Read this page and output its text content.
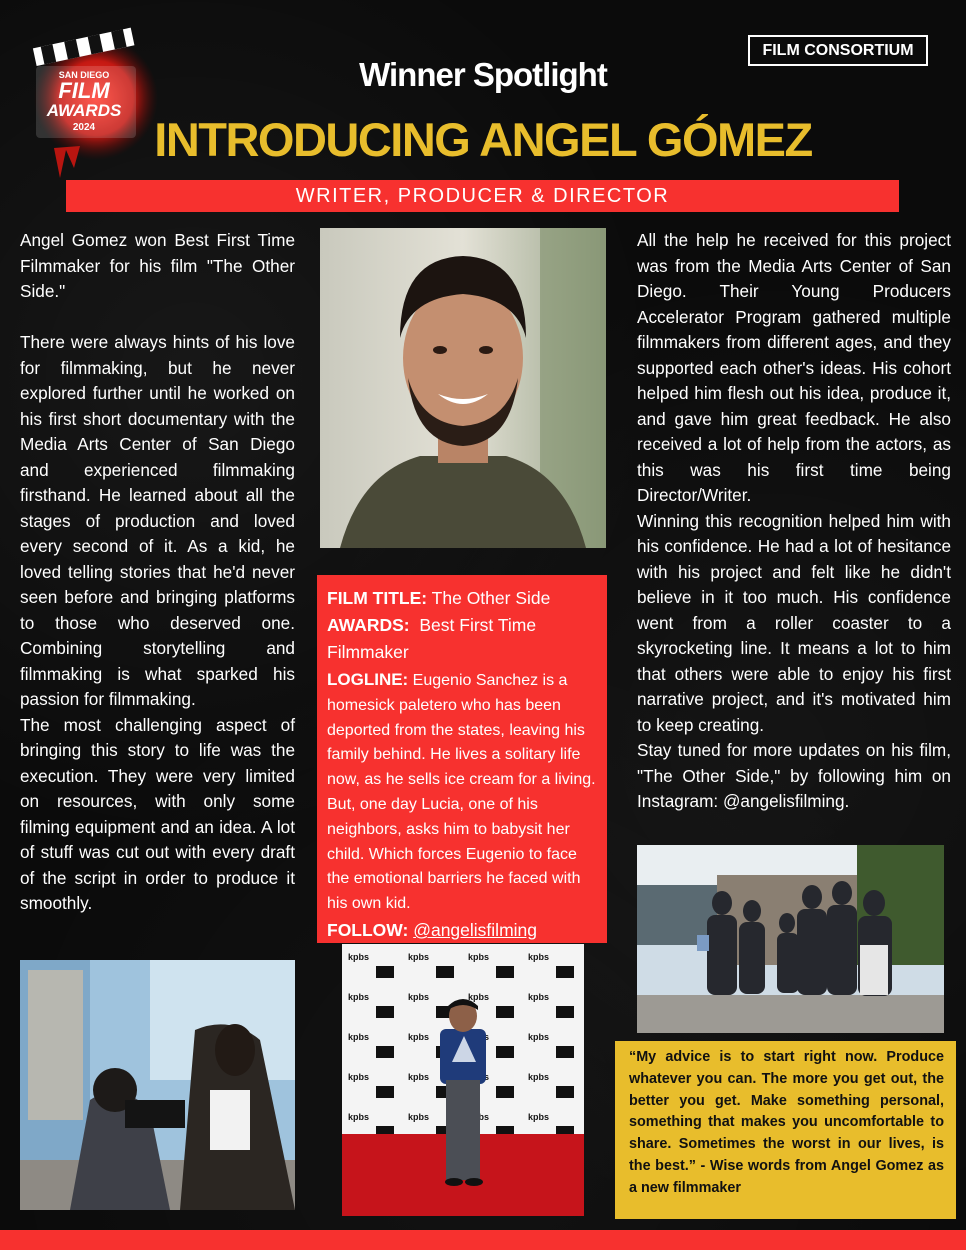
SAN DIEGO
FILM
AWARDS
2024
FILM CONSORTIUM
Winner Spotlight
INTRODUCING ANGEL GÓMEZ
WRITER, PRODUCER & DIRECTOR

Angel Gomez won Best First Time Filmmaker for his film "The Other Side."

There were always hints of his love for filmmaking, but he never explored further until he worked on his first short documentary with the Media Arts Center of San Diego and experienced filmmaking firsthand. He learned about all the stages of production and loved every second of it. As a kid, he loved telling stories that he'd never seen before and bringing platforms to those who deserved one. Combining storytelling and filmmaking is what sparked his passion for filmmaking.

The most challenging aspect of bringing this story to life was the execution. They were very limited on resources, with only some filming equipment and an idea. A lot of stuff was cut out with every draft of the script in order to produce it smoothly.

FILM TITLE: The Other Side
AWARDS: Best First Time Filmmaker
LOGLINE: Eugenio Sanchez is a homesick paletero who has been deported from the states, leaving his family behind. He lives a solitary life now, as he sells ice cream for a living. But, one day Lucia, one of his neighbors, asks him to babysit her child. Which forces Eugenio to face the emotional barriers he faced with his own kid.
FOLLOW: @angelisfilming

All the help he received for this project was from the Media Arts Center of San Diego. Their Young Producers Accelerator Program gathered multiple filmmakers from different ages, and they supported each other's ideas. His cohort helped him flesh out his idea, produce it, and gave him great feedback. He also received a lot of help from the actors, as this was his first time being Director/Writer.

Winning this recognition helped him with his confidence. He had a lot of hesitance with his project and felt like he didn't believe in it too much. His confidence went from a roller coaster to a skyrocketing line. It means a lot to him that others were able to enjoy his first narrative project, and it's motivated him to keep creating.

Stay tuned for more updates on his film, "The Other Side," by following him on Instagram: @angelisfilming.

“My advice is to start right now. Produce whatever you can. The more you get out, the better you get. Make something personal, something that makes you uncomfortable to share. Sometimes the worst in our lives, is the best.” - Wise words from Angel Gomez as a new filmmaker
